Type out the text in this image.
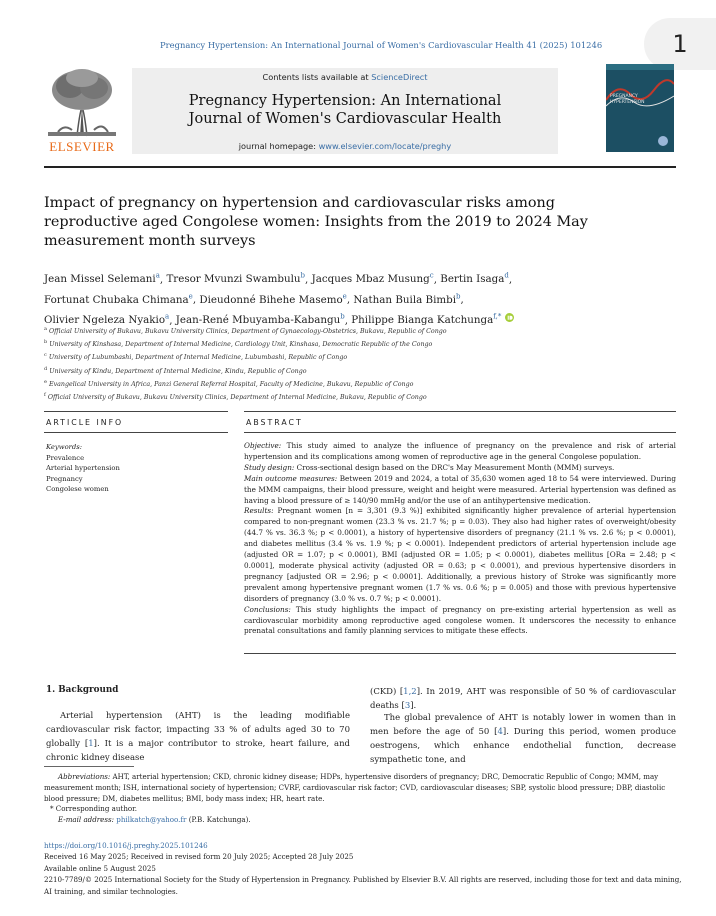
Pregnancy Hypertension: An International Journal of Women's Cardiovascular Health 41 (2025) 101246	1
ELSEVIER
Contents lists available at ScienceDirect
Pregnancy Hypertension: An International
Journal of Women's Cardiovascular Health
journal homepage: www.elsevier.com/locate/preghy
PREGNANCY HYPERTENSION
Impact of pregnancy on hypertension and cardiovascular risks among reproductive aged Congolese women: Insights from the 2019 to 2024 May measurement month surveys
Jean Missel Selemani$^a$, Tresor Mvunzi Swambulu$^b$, Jacques Mbaz Musung$^c$, Bertin Isaga$^d$,
Fortunat Chubaka Chimana$^e$, Dieudonné Bihehe Masemo$^e$, Nathan Buila Bimbi$^b$,
Olivier Ngeleza Nyakio$^a$, Jean-René Mbuyamba-Kabangu$^b$, Philippe Bianga Katchunga$^{f,*}$
$^a$ Official University of Bukavu, Bukavu University Clinics, Department of Gynaecology-Obstetrics, Bukavu, Republic of Congo
$^b$ University of Kinshasa, Department of Internal Medicine, Cardiology Unit, Kinshasa, Democratic Republic of the Congo
$^c$ University of Lubumbashi, Department of Internal Medicine, Lubumbashi, Republic of Congo
$^d$ University of Kindu, Department of Internal Medicine, Kindu, Republic of Congo
$^e$ Evangelical University in Africa, Panzi General Referral Hospital, Faculty of Medicine, Bukavu, Republic of Congo
$^f$ Official University of Bukavu, Bukavu University Clinics, Department of Internal Medicine, Bukavu, Republic of Congo
ARTICLE INFO	ABSTRACT
Keywords:
Prevalence
Arterial hypertension
Pregnancy
Congolese women
Objective: This study aimed to analyze the influence of pregnancy on the prevalence and risk of arterial hypertension and its complications among women of reproductive age in the general Congolese population.
Study design: Cross-sectional design based on the DRC's May Measurement Month (MMM) surveys.
Main outcome measures: Between 2019 and 2024, a total of 35,630 women aged 18 to 54 were interviewed. During the MMM campaigns, their blood pressure, weight and height were measured. Arterial hypertension was defined as having a blood pressure of ≥ 140/90 mmHg and/or the use of an antihypertensive medication.
Results: Pregnant women [n = 3,301 (9.3 %)] exhibited significantly higher prevalence of arterial hypertension compared to non-pregnant women (23.3 % vs. 21.7 %; p = 0.03). They also had higher rates of overweight/obesity (44.7 % vs. 36.3 %; p < 0.0001), a history of hypertensive disorders of pregnancy (21.1 % vs. 2.6 %; p < 0.0001), and diabetes mellitus (3.4 % vs. 1.9 %; p < 0.0001). Independent predictors of arterial hypertension include age (adjusted OR = 1.07; p < 0.0001), BMI (adjusted OR = 1.05; p < 0.0001), diabetes mellitus [ORa = 2.48; p < 0.0001], moderate physical activity (adjusted OR = 0.63; p < 0.0001), and previous hypertensive disorders in pregnancy [adjusted OR = 2.96; p < 0.0001]. Additionally, a previous history of Stroke was significantly more prevalent among hypertensive pregnant women (1.7 % vs. 0.6 %; p = 0.005) and those with previous hypertensive disorders of pregnancy (3.0 % vs. 0.7 %; p < 0.0001).
Conclusions: This study highlights the impact of pregnancy on pre-existing arterial hypertension as well as cardiovascular morbidity among reproductive aged congolese women. It underscores the necessity to enhance prenatal consultations and family planning services to mitigate these effects.
1. Background
Arterial hypertension (AHT) is the leading modifiable cardiovascular risk factor, impacting 33 % of adults aged 30 to 70 globally [1]. It is a major contributor to stroke, heart failure, and chronic kidney disease
(CKD) [1,2]. In 2019, AHT was responsible of 50 % of cardiovascular deaths [3].
The global prevalence of AHT is notably lower in women than in men before the age of 50 [4]. During this period, women produce oestrogens, which enhance endothelial function, decrease sympathetic tone, and
Abbreviations: AHT, arterial hypertension; CKD, chronic kidney disease; HDPs, hypertensive disorders of pregnancy; DRC, Democratic Republic of Congo; MMM, may measurement month; ISH, international society of hypertension; CVRF, cardiovascular risk factor; CVD, cardiovascular diseases; SBP, systolic blood pressure; DBP, diastolic blood pressure; DM, diabetes mellitus; BMI, body mass index; HR, heart rate.
* Corresponding author.
E-mail address: philkatch@yahoo.fr (P.B. Katchunga).
https://doi.org/10.1016/j.preghy.2025.101246
Received 16 May 2025; Received in revised form 20 July 2025; Accepted 28 July 2025
Available online 5 August 2025
2210-7789/© 2025 International Society for the Study of Hypertension in Pregnancy. Published by Elsevier B.V. All rights are reserved, including those for text and data mining, AI training, and similar technologies.
